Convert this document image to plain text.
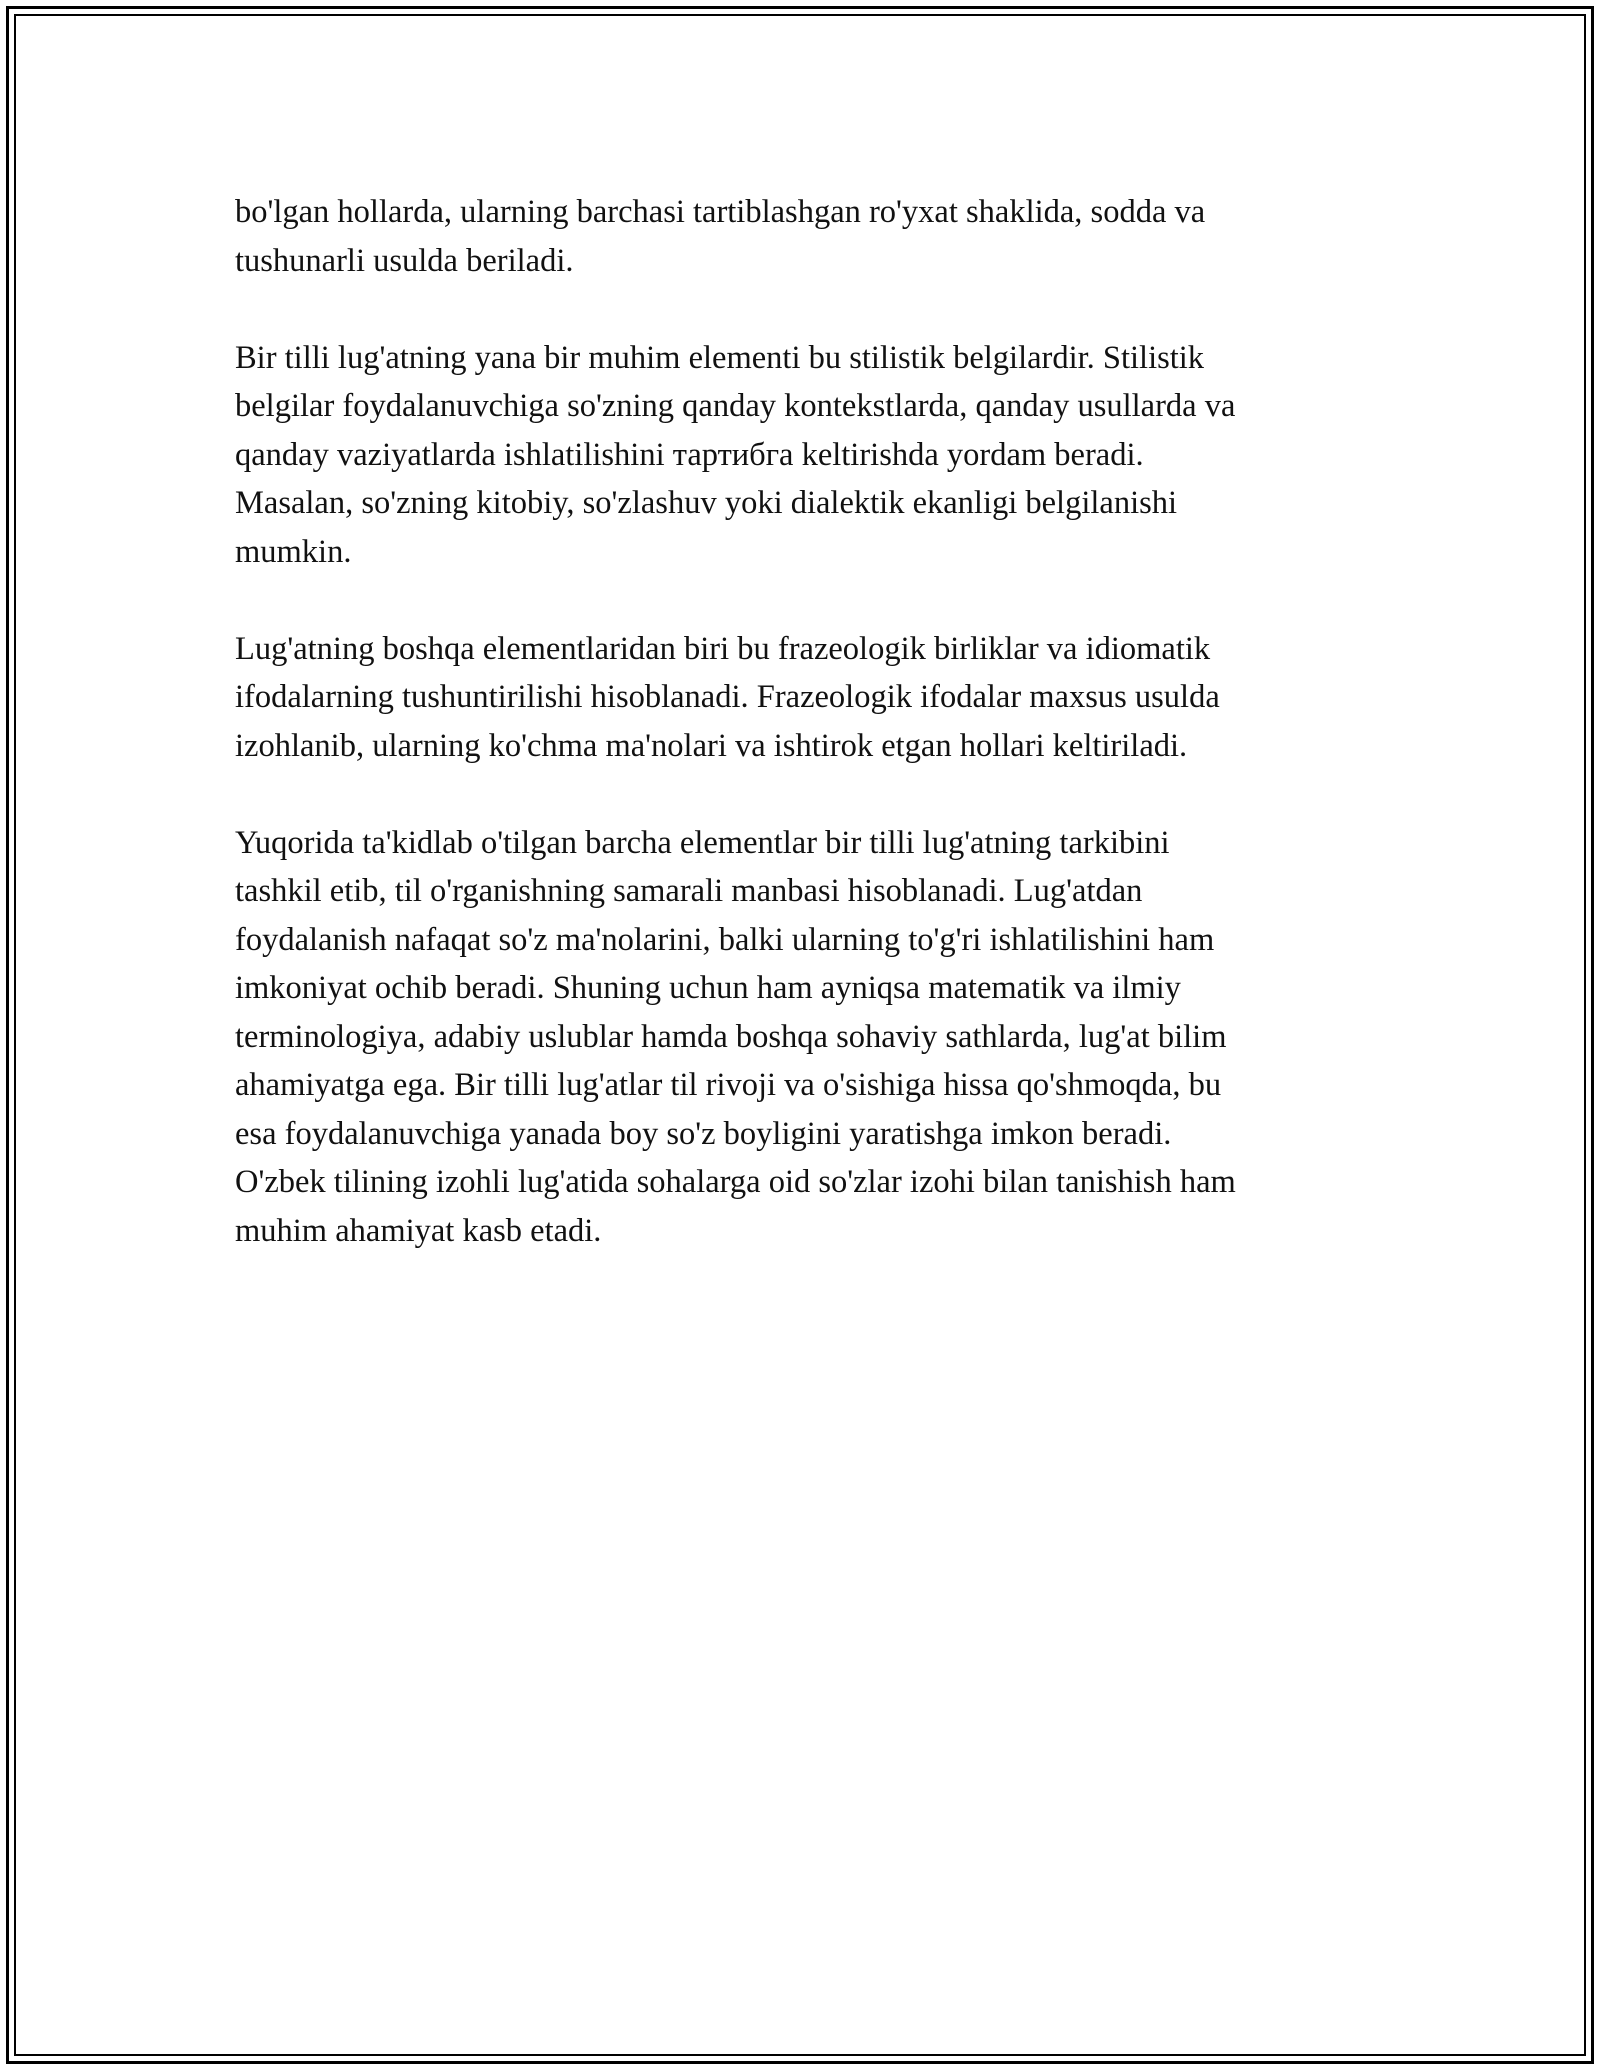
bo'lgan hollarda, ularning barchasi tartiblashgan ro'yxat shaklida, sodda va
tushunarli usulda beriladi.

Bir tilli lug'atning yana bir muhim elementi bu stilistik belgilardir. Stilistik
belgilar foydalanuvchiga so'zning qanday kontekstlarda, qanday usullarda va
qanday vaziyatlarda ishlatilishini тартибга keltirishda yordam beradi.
Masalan, so'zning kitobiy, so'zlashuv yoki dialektik ekanligi belgilanishi
mumkin.

Lug'atning boshqa elementlaridan biri bu frazeologik birliklar va idiomatik
ifodalarning tushuntirilishi hisoblanadi. Frazeologik ifodalar maxsus usulda
izohlanib, ularning ko'chma ma'nolari va ishtirok etgan hollari keltiriladi.

Yuqorida ta'kidlab o'tilgan barcha elementlar bir tilli lug'atning tarkibini
tashkil etib, til o'rganishning samarali manbasi hisoblanadi. Lug'atdan
foydalanish nafaqat so'z ma'nolarini, balki ularning to'g'ri ishlatilishini ham
imkoniyat ochib beradi. Shuning uchun ham ayniqsa matematik va ilmiy
terminologiya, adabiy uslublar hamda boshqa sohaviy sathlarda, lug'at bilim
ahamiyatga ega. Bir tilli lug'atlar til rivoji va o'sishiga hissa qo'shmoqda, bu
esa foydalanuvchiga yanada boy so'z boyligini yaratishga imkon beradi.
O'zbek tilining izohli lug'atida sohalarga oid so'zlar izohi bilan tanishish ham
muhim ahamiyat kasb etadi.
